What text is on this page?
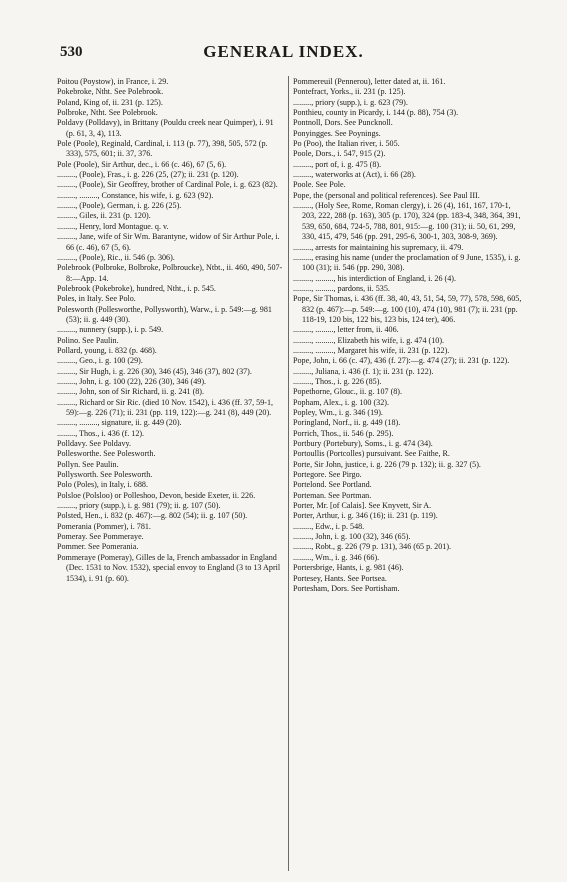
530	GENERAL INDEX.

Poitou (Poystow), in France, i. 29.

Pokebroke, Ntht. See Polebrook.

Poland, King of, ii. 231 (p. 125).

Polbroke, Ntht. See Polebrook.

Poldavy (Polldavy), in Brittany (Pouldu creek near Quimper), i. 91 (p. 61, 3, 4), 113.

Pole (Poole), Reginald, Cardinal, i. 113 (p. 77), 398, 505, 572 (p. 333), 575, 601; ii. 37, 376.

Pole (Poole), Sir Arthur, dec., i. 66 (c. 46), 67 (5, 6).

........., (Poole), Fras., i. g. 226 (25, (27); ii. 231 (p. 120).

........., (Poole), Sir Geoffrey, brother of Cardinal Pole, i. g. 623 (82).

........., ........., Constance, his wife, i. g. 623 (92).

........., (Poole), German, i. g. 226 (25).

........., Giles, ii. 231 (p. 120).

........., Henry, lord Montague. q. v.

........., Jane, wife of Sir Wm. Barantyne, widow of Sir Arthur Pole, i. 66 (c. 46), 67 (5, 6).

........., (Poole), Ric., ii. 546 (p. 306).

Polebrook (Polbroke, Bolbroke, Polbroucke), Ntbt., ii. 460, 490, 507-8:—App. 14.

Polebrook (Pokebroke), hundred, Ntht., i. p. 545.

Poles, in Italy. See Polo.

Polesworth (Pollesworthe, Pollysworth), Warw., i. p. 549:—g. 981 (53); ii. g. 449 (30).

........., nunnery (supp.), i. p. 549.

Polino. See Paulin.

Pollard, young, i. 832 (p. 468).

........., Geo., i. g. 100 (29).

........., Sir Hugh, i. g. 226 (30), 346 (45), 346 (37), 802 (37).

........., John, i. g. 100 (22), 226 (30), 346 (49).

........., John, son of Sir Richard, ii. g. 241 (8).

........., Richard or Sir Ric. (died 10 Nov. 1542), i. 436 (ff. 37, 59-1, 59):—g. 226 (71); ii. 231 (pp. 119, 122):—g. 241 (8), 449 (20).

........., ........., signature, ii. g. 449 (20).

........., Thos., i. 436 (f. 12).

Polldavy. See Poldavy.

Pollesworthe. See Polesworth.

Pollyn. See Paulin.

Pollysworth. See Polesworth.

Polo (Poles), in Italy, i. 688.

Polsloe (Polsloo) or Polleshoo, Devon, beside Exeter, ii. 226.

........., priory (supp.), i. g. 981 (79); ii. g. 107 (50).

Polsted, Hen., i. 832 (p. 467):—g. 802 (54); ii. g. 107 (50).

Pomerania (Pommer), i. 781.

Pomeray. See Pommeraye.

Pommer. See Pomerania.

Pommeraye (Pomeray), Gilles de la, French ambassador in England (Dec. 1531 to Nov. 1532), special envoy to England (3 to 13 April 1534), i. 91 (p. 60).

Pommereuil (Pennerou), letter dated at, ii. 161.

Pontefract, Yorks., ii. 231 (p. 125).

........., priory (supp.), i. g. 623 (79).

Ponthieu, county in Picardy, i. 144 (p. 88), 754 (3).

Pontnoll, Dors. See Puncknoll.

Ponyingges. See Poynings.

Po (Poo), the Italian river, i. 505.

Poole, Dors., i. 547, 915 (2).

........., port of, i. g. 475 (8).

........., waterworks at (Act), i. 66 (28).

Poole. See Pole.

Pope, the (personal and political references). See Paul III.

........., (Holy See, Rome, Roman clergy), i. 26 (4), 161, 167, 170-1, 203, 222, 288 (p. 163), 305 (p. 170), 324 (pp. 183-4, 348, 364, 391, 539, 650, 684, 724-5, 788, 801, 915:—g. 100 (31); ii. 50, 61, 299, 330, 415, 479, 546 (pp. 291, 295-6, 300-1, 303, 308-9, 369).

........., arrests for maintaining his supremacy, ii. 479.

........., erasing his name (under the proclamation of 9 June, 1535), i. g. 100 (31); ii. 546 (pp. 290, 308).

........., ........., his interdiction of England, i. 26 (4).

........., ........., pardons, ii. 535.

Pope, Sir Thomas, i. 436 (ff. 38, 40, 43, 51, 54, 59, 77), 578, 598, 605, 832 (p. 467):—p. 549:—g. 100 (10), 474 (10), 981 (7); ii. 231 (pp. 118-19, 120 bis, 122 bis, 123 bis, 124 ter), 406.

........., ........., letter from, ii. 406.

........., ........., Elizabeth his wife, i. g. 474 (10).

........., ........., Margaret his wife, ii. 231 (p. 122).

Pope, John, i. 66 (c. 47), 436 (f. 27):—g. 474 (27); ii. 231 (p. 122).

........., Juliana, i. 436 (f. 1); ii. 231 (p. 122).

........., Thos., i. g. 226 (85).

Popethorne, Glouc., ii. g. 107 (8).

Popham, Alex., i. g. 100 (32).

Popley, Wm., i. g. 346 (19).

Poringland, Norf., ii. g. 449 (18).

Porrich, Thos., ii. 546 (p. 295).

Portbury (Portebury), Soms., i. g. 474 (34).

Portoullis (Portcolles) pursuivant. See Faithe, R.

Porte, Sir John, justice, i. g. 226 (79 p. 132); ii. g. 327 (5).

Portegore. See Pirgo.

Portelond. See Portland.

Porteman. See Portman.

Porter, Mr. [of Calais]. See Knyvett, Sir A.

Porter, Arthur, i. g. 346 (16); ii. 231 (p. 119).

........., Edw., i. p. 548.

........., John, i. g. 100 (32), 346 (65).

........., Robt., g. 226 (79 p. 131), 346 (65 p. 201).

........., Wm., i. g. 346 (66).

Portersbrige, Hants, i. g. 981 (46).

Portesey, Hants. See Portsea.

Portesham, Dors. See Portisham.
